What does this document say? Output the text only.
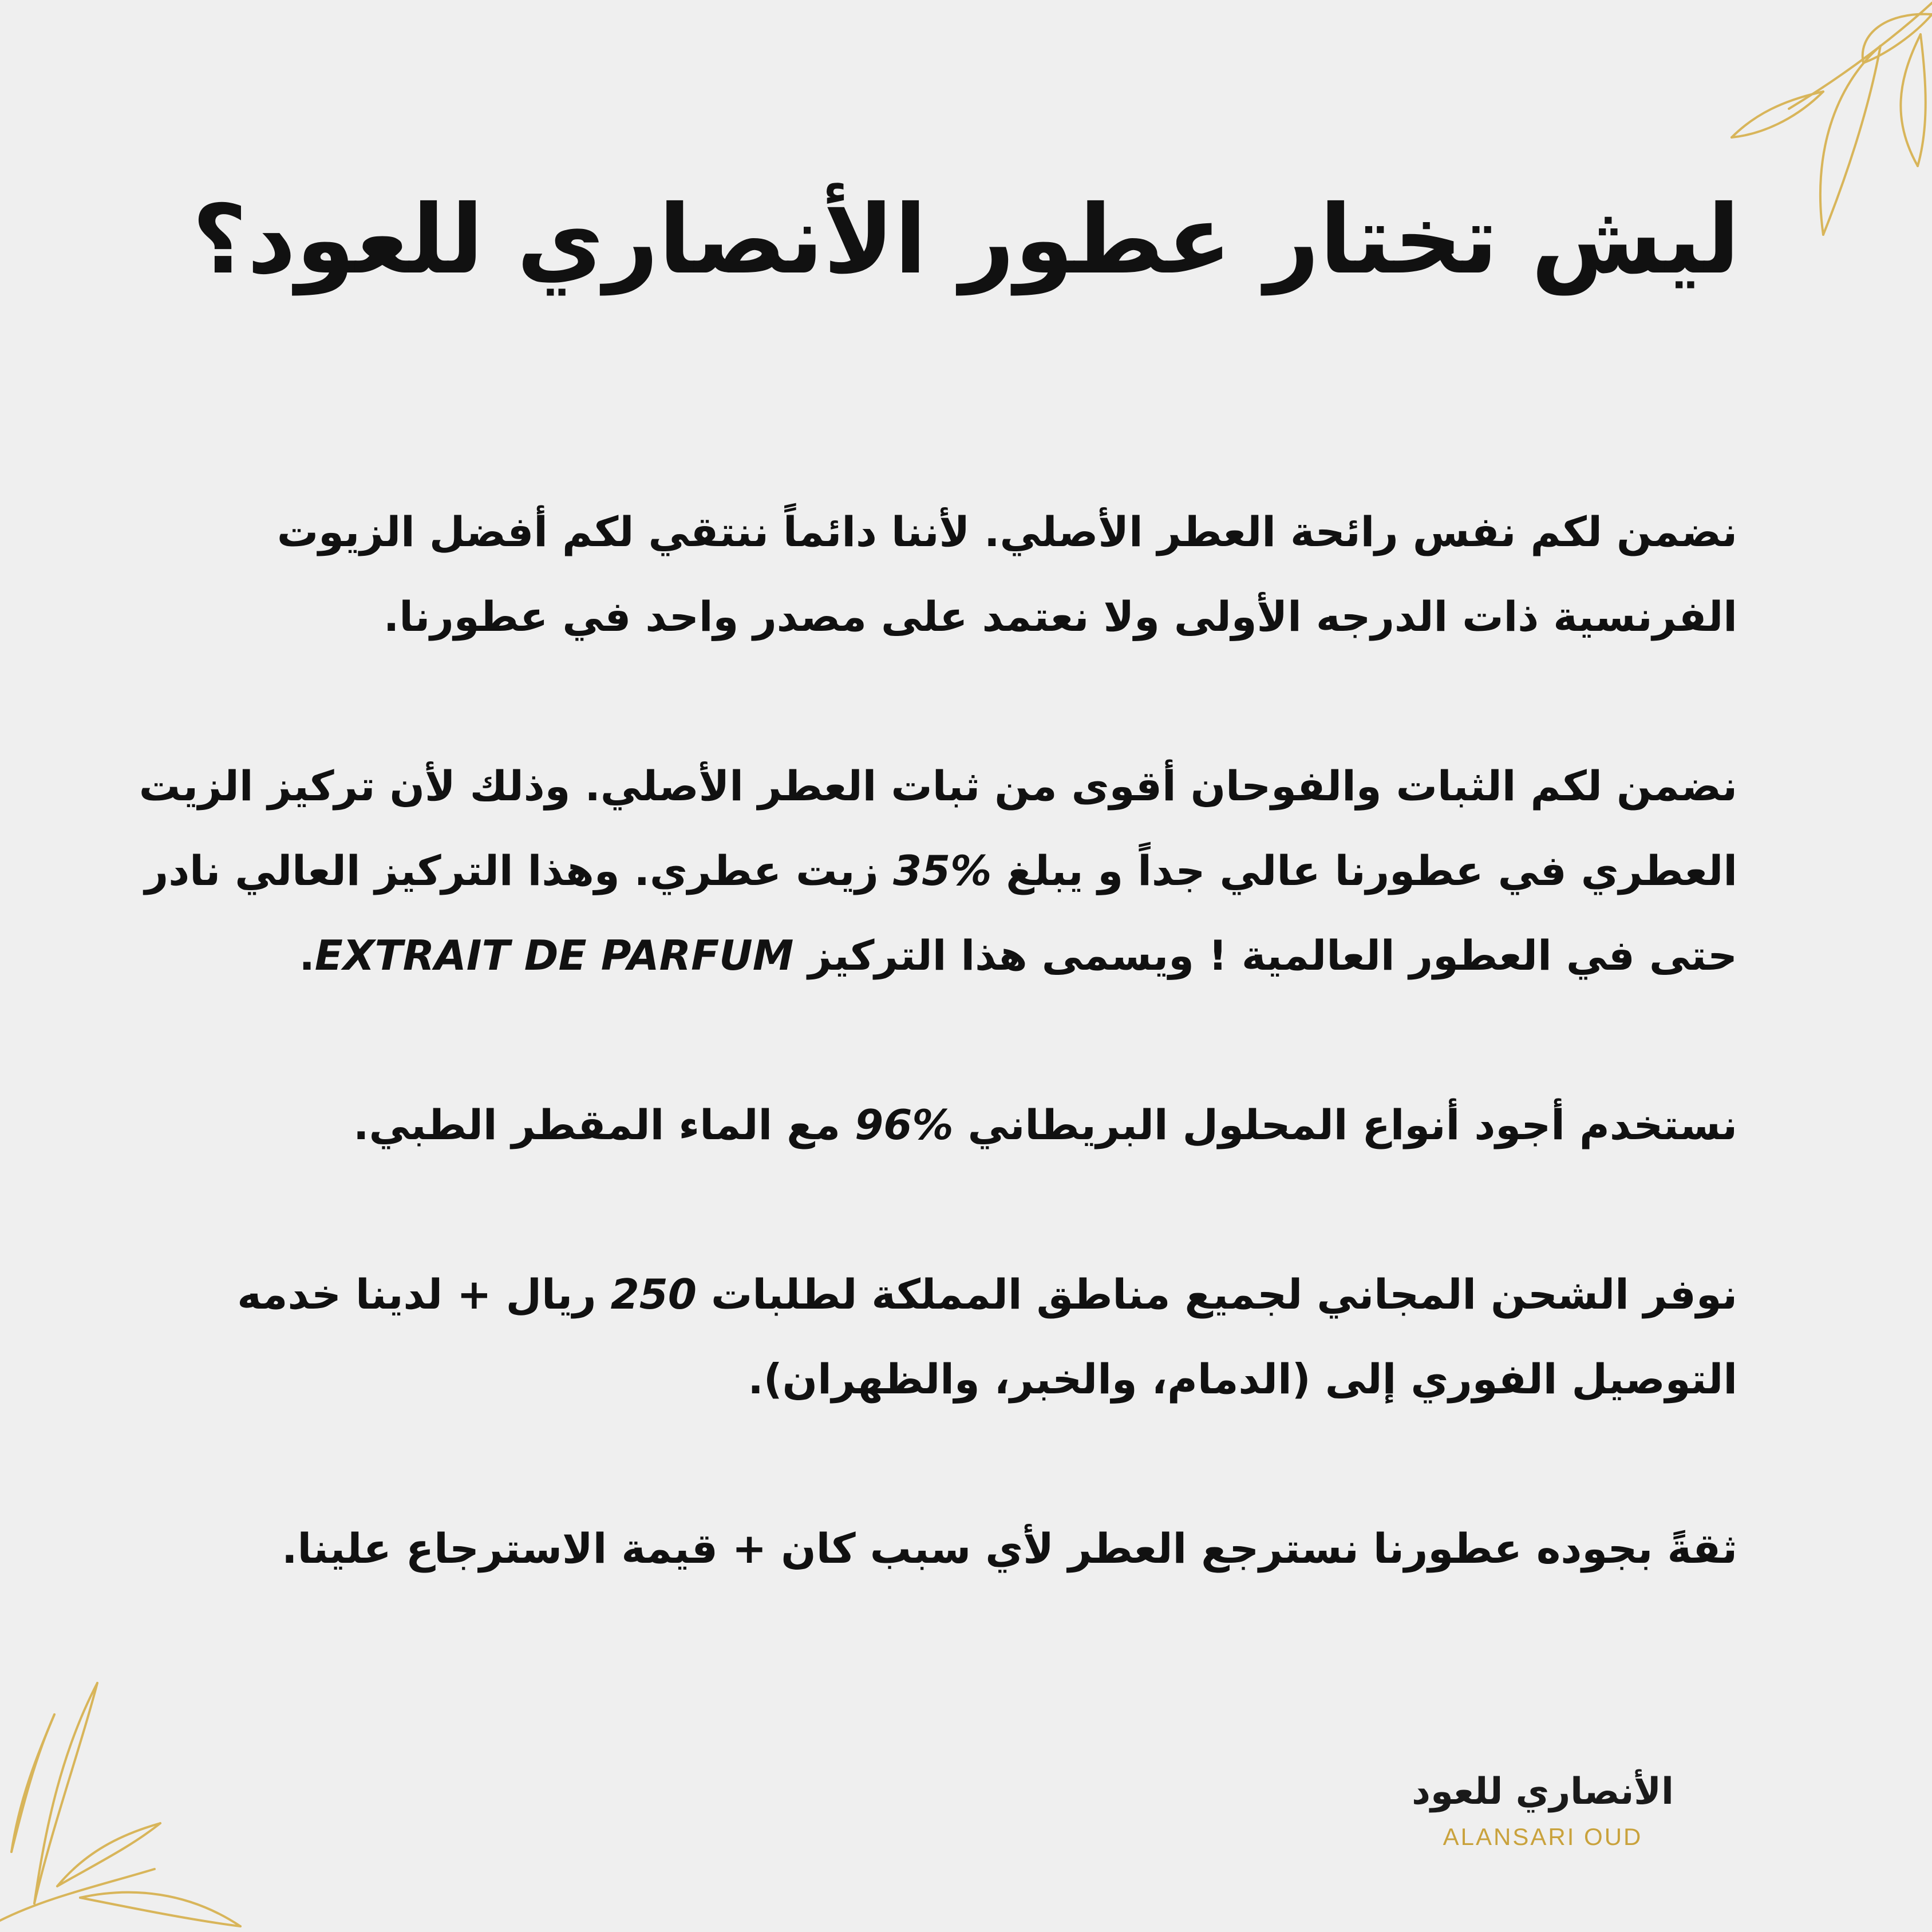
ليش تختار عطور الأنصاري للعود؟

نضمن لكم نفس رائحة العطر الأصلي. لأننا دائماً ننتقي لكم أفضل الزيوت الفرنسية ذات الدرجه الأولى ولا نعتمد على مصدر واحد في عطورنا.

نضمن لكم الثبات والفوحان أقوى من ثبات العطر الأصلي. وذلك لأن تركيز الزيت العطري في عطورنا عالي جداً و يبلغ 35% زيت عطري. وهذا التركيز العالي نادر حتى في العطور العالمية ! ويسمى هذا التركيز EXTRAIT DE PARFUM.

نستخدم أجود أنواع المحلول البريطاني 96% مع الماء المقطر الطبي.

نوفر الشحن المجاني لجميع مناطق المملكة لطلبات 250 ريال + لدينا خدمه التوصيل الفوري إلى (الدمام، والخبر، والظهران).

ثقةً بجوده عطورنا نسترجع العطر لأي سبب كان + قيمة الاسترجاع علينا.

الأنصاري للعود
ALANSARI OUD
